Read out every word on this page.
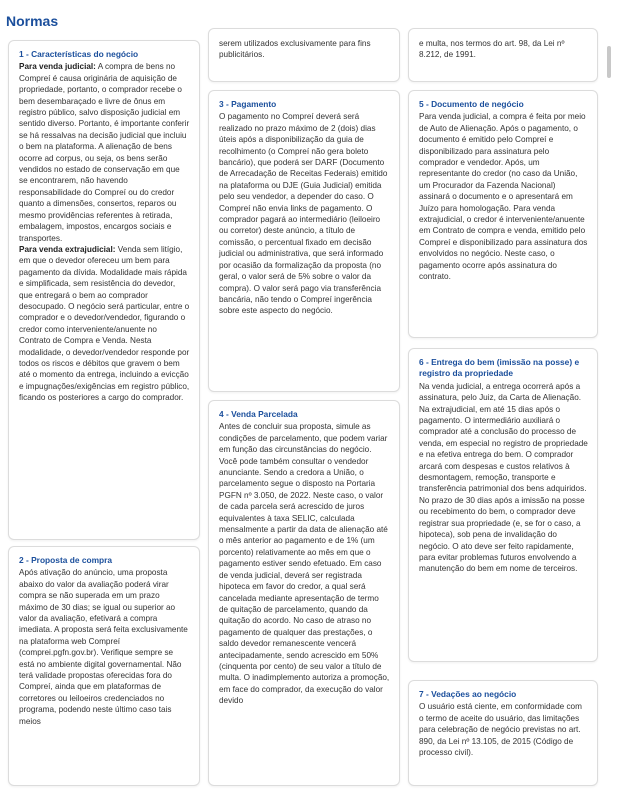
Normas
1 - Características do negócio

Para venda judicial: A compra de bens no Compreí é causa originária de aquisição de propriedade, portanto, o comprador recebe o bem desembaraçado e livre de ônus em registro público, salvo disposição judicial em sentido diverso. Portanto, é importante conferir se há ressalvas na decisão judicial que incluiu o bem na plataforma. A alienação de bens ocorre ad corpus, ou seja, os bens serão vendidos no estado de conservação em que se encontrarem, não havendo responsabilidade do Compreí ou do credor quanto a dimensões, consertos, reparos ou mesmo providências referentes à retirada, embalagem, impostos, encargos sociais e transportes.
Para venda extrajudicial: Venda sem litígio, em que o devedor ofereceu um bem para pagamento da dívida. Modalidade mais rápida e simplificada, sem resistência do devedor, que entregará o bem ao comprador desocupado. O negócio será particular, entre o comprador e o devedor/vendedor, figurando o credor como interveniente/anuente no Contrato de Compra e Venda. Nesta modalidade, o devedor/vendedor responde por todos os riscos e débitos que gravem o bem até o momento da entrega, incluindo a evicção e impugnações/exigências em registro público, ficando os posteriores a cargo do comprador.

2 - Proposta de compra

Após ativação do anúncio, uma proposta abaixo do valor da avaliação poderá virar compra se não superada em um prazo máximo de 30 dias; se igual ou superior ao valor da avaliação, efetivará a compra imediata. A proposta será feita exclusivamente na plataforma web Compreí (comprei.pgfn.gov.br). Verifique sempre se está no ambiente digital governamental. Não terá validade propostas oferecidas fora do Compreí, ainda que em plataformas de corretores ou leiloeiros credenciados no programa, podendo neste último caso tais meios

serem utilizados exclusivamente para fins publicitários.

3 - Pagamento

O pagamento no Compreí deverá será realizado no prazo máximo de 2 (dois) dias úteis após a disponibilização da guia de recolhimento (o Compreí não gera boleto bancário), que poderá ser DARF (Documento de Arrecadação de Receitas Federais) emitido na plataforma ou DJE (Guia Judicial) emitida pelo seu vendedor, a depender do caso. O Compreí não envia links de pagamento. O comprador pagará ao intermediário (leiloeiro ou corretor) deste anúncio, a título de comissão, o percentual fixado em decisão judicial ou administrativa, que será informado por ocasião da formalização da proposta (no geral, o valor será de 5% sobre o valor da compra). O valor será pago via transferência bancária, não tendo o Compreí ingerência sobre este aspecto do negócio.

4 - Venda Parcelada

Antes de concluir sua proposta, simule as condições de parcelamento, que podem variar em função das circunstâncias do negócio. Você pode também consultar o vendedor anunciante. Sendo a credora a União, o parcelamento segue o disposto na Portaria PGFN nº 3.050, de 2022. Neste caso, o valor de cada parcela será acrescido de juros equivalentes à taxa SELIC, calculada mensalmente a partir da data de alienação até o mês anterior ao pagamento e de 1% (um porcento) relativamente ao mês em que o pagamento estiver sendo efetuado. Em caso de venda judicial, deverá ser registrada hipoteca em favor do credor, a qual será cancelada mediante apresentação de termo de quitação de parcelamento, quando da quitação do acordo. No caso de atraso no pagamento de qualquer das prestações, o saldo devedor remanescente vencerá antecipadamente, sendo acrescido em 50% (cinquenta por cento) de seu valor a título de multa. O inadimplemento autoriza a promoção, em face do comprador, da execução do valor devido

e multa, nos termos do art. 98, da Lei nº 8.212, de 1991.

5 - Documento de negócio

Para venda judicial, a compra é feita por meio de Auto de Alienação. Após o pagamento, o documento é emitido pelo Compreí e disponibilizado para assinatura pelo comprador e vendedor. Após, um representante do credor (no caso da União, um Procurador da Fazenda Nacional) assinará o documento e o apresentará em Juízo para homologação. Para venda extrajudicial, o credor é interveniente/anuente em Contrato de compra e venda, emitido pelo Compreí e disponibilizado para assinatura dos envolvidos no negócio. Neste caso, o pagamento ocorre após assinatura do contrato.

6 - Entrega do bem (imissão na posse) e registro da propriedade

Na venda judicial, a entrega ocorrerá após a assinatura, pelo Juiz, da Carta de Alienação. Na extrajudicial, em até 15 dias após o pagamento. O intermediário auxiliará o comprador até a conclusão do processo de venda, em especial no registro de propriedade e na efetiva entrega do bem. O comprador arcará com despesas e custos relativos à desmontagem, remoção, transporte e transferência patrimonial dos bens adquiridos. No prazo de 30 dias após a imissão na posse ou recebimento do bem, o comprador deve registrar sua propriedade (e, se for o caso, a hipoteca), sob pena de invalidação do negócio. O ato deve ser feito rapidamente, para evitar problemas futuros envolvendo a manutenção do bem em nome de terceiros.

7 - Vedações ao negócio

O usuário está ciente, em conformidade com o termo de aceite do usuário, das limitações para celebração de negócio previstas no art. 890, da Lei nº 13.105, de 2015 (Código de processo civil).
